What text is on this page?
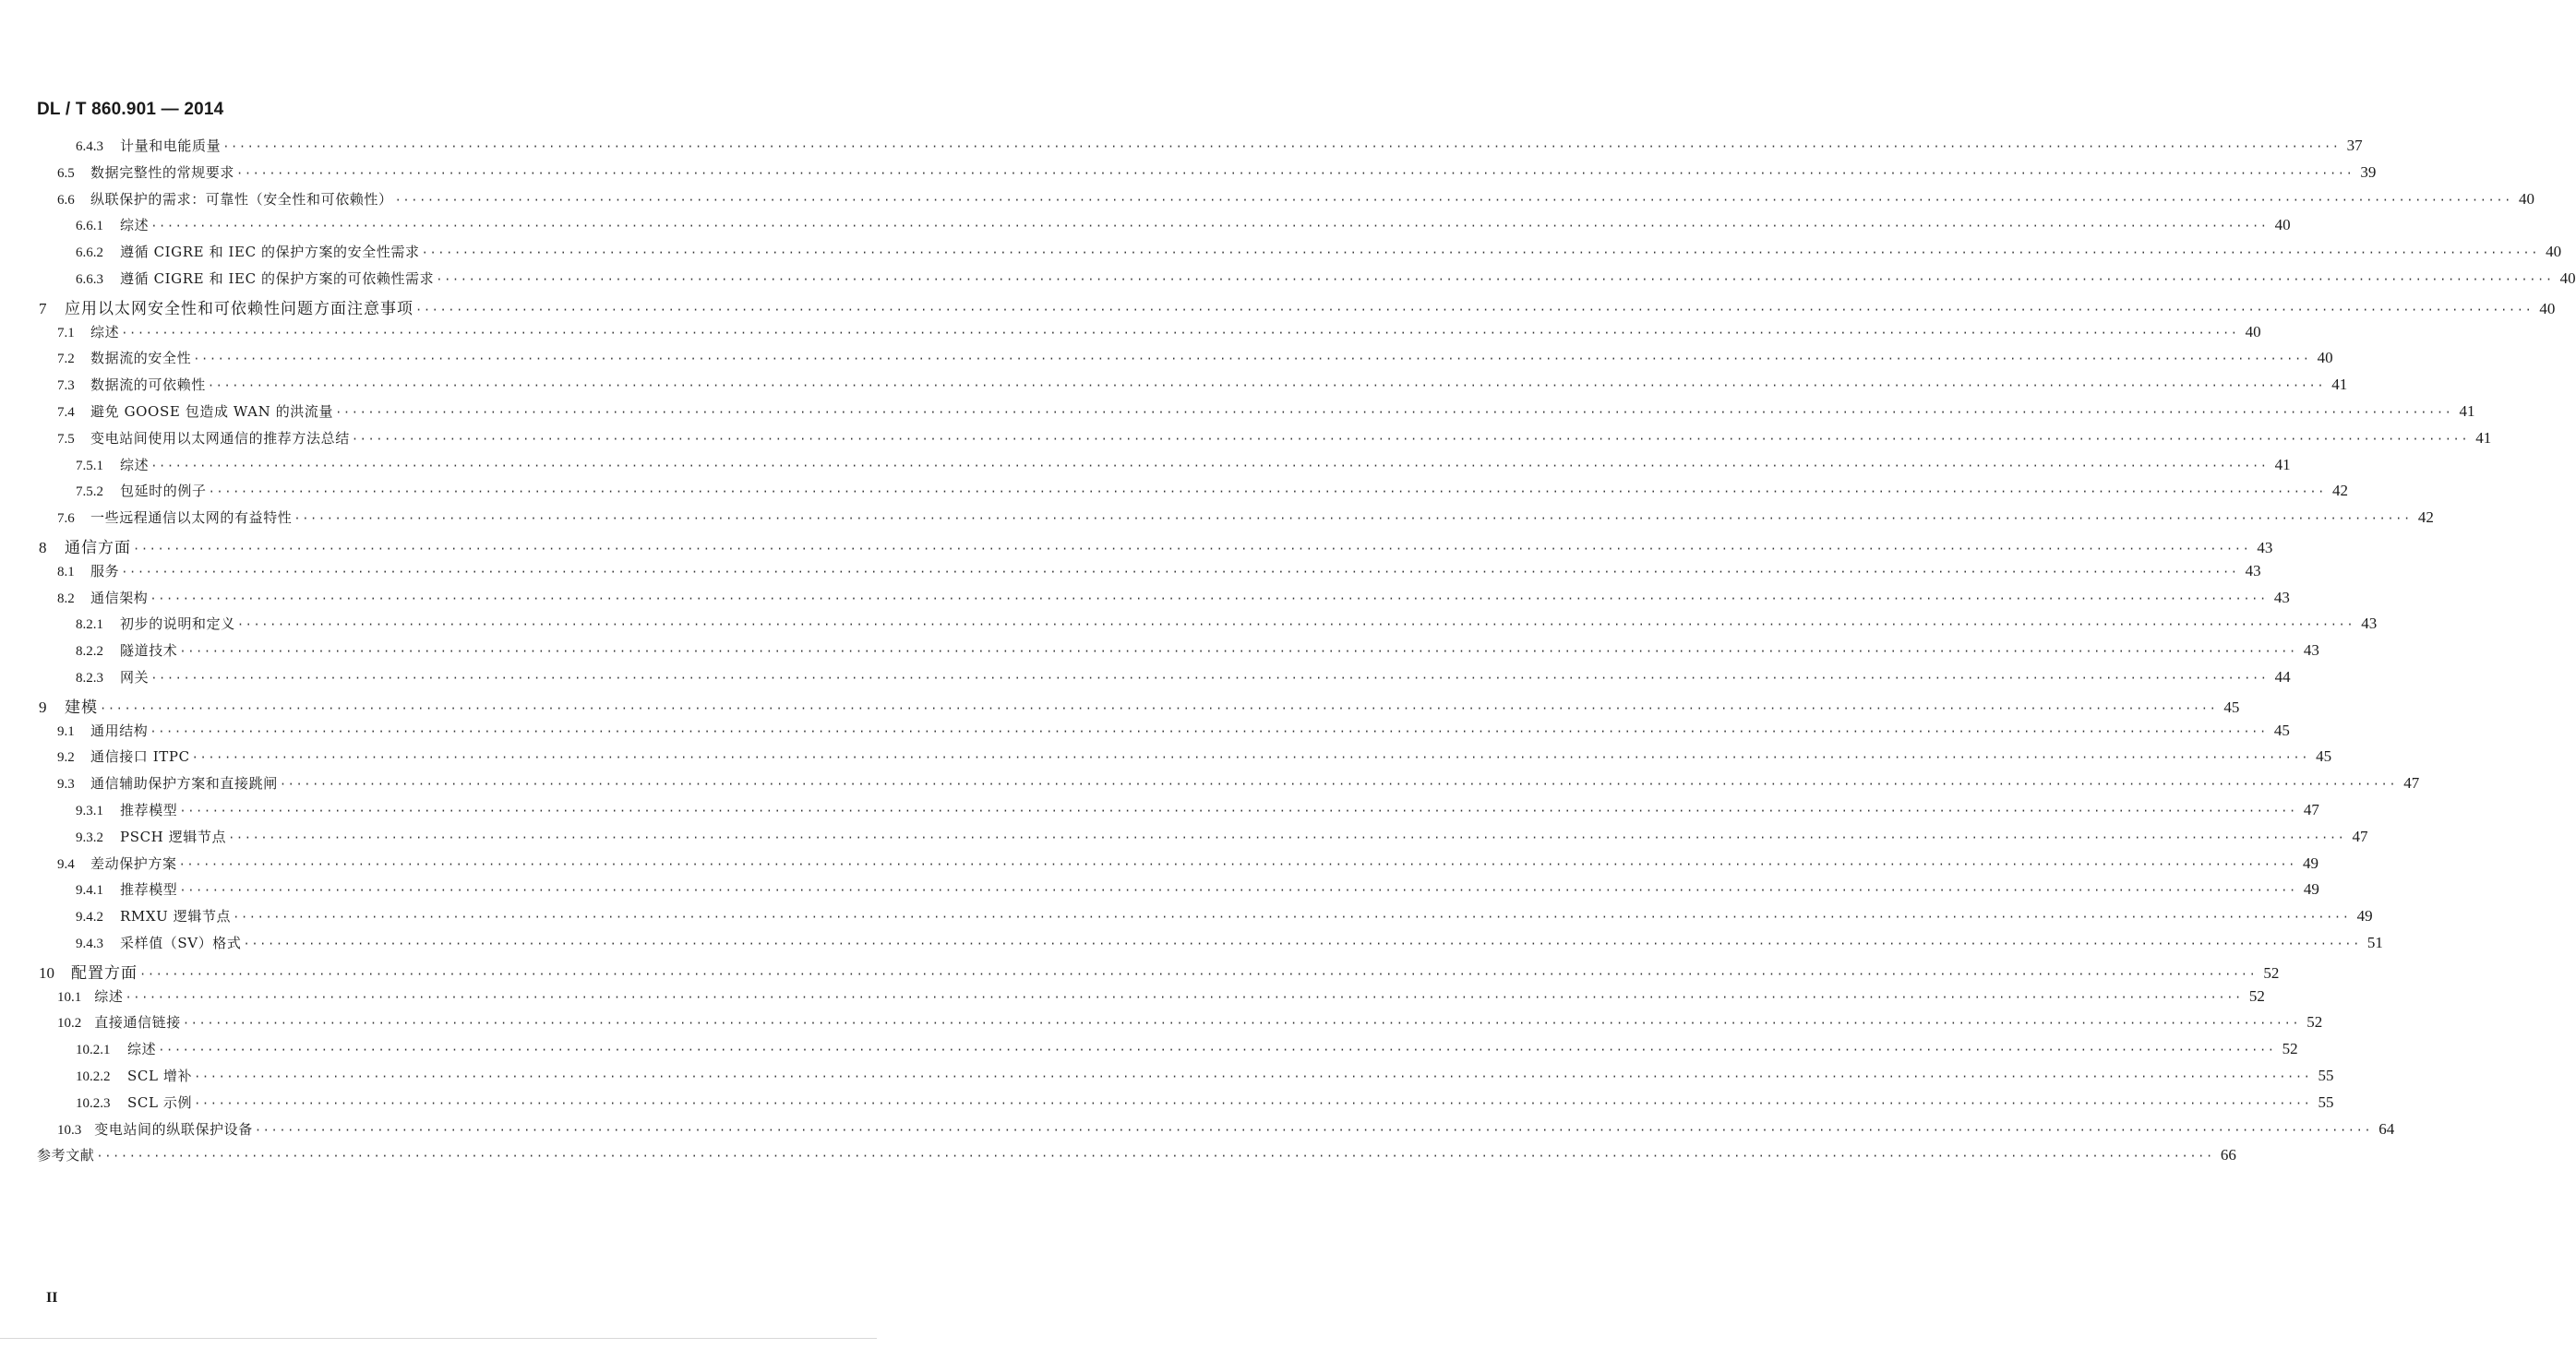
DL / T 860.901 — 2014
6.4.3 计量和电能质量 ···································································································································································································································································· 37
6.5 数据完整性的常规要求 ···································································································································································································································································· 39
6.6 纵联保护的需求：可靠性（安全性和可依赖性） ···································································································································································································································································· 40
6.6.1 综述 ···································································································································································································································································· 40
6.6.2 遵循 CIGRE 和 IEC 的保护方案的安全性需求 ···································································································································································································································································· 40
6.6.3 遵循 CIGRE 和 IEC 的保护方案的可依赖性需求 ···································································································································································································································································· 40
7 应用以太网安全性和可依赖性问题方面注意事项 ···································································································································································································································································· 40
7.1 综述 ···································································································································································································································································· 40
7.2 数据流的安全性 ···································································································································································································································································· 40
7.3 数据流的可依赖性 ···································································································································································································································································· 41
7.4 避免 GOOSE 包造成 WAN 的洪流量 ···································································································································································································································································· 41
7.5 变电站间使用以太网通信的推荐方法总结 ···································································································································································································································································· 41
7.5.1 综述 ···································································································································································································································································· 41
7.5.2 包延时的例子 ···································································································································································································································································· 42
7.6 一些远程通信以太网的有益特性 ···································································································································································································································································· 42
8 通信方面 ···································································································································································································································································· 43
8.1 服务 ···································································································································································································································································· 43
8.2 通信架构 ···································································································································································································································································· 43
8.2.1 初步的说明和定义 ···································································································································································································································································· 43
8.2.2 隧道技术 ···································································································································································································································································· 43
8.2.3 网关 ···································································································································································································································································· 44
9 建模 ···································································································································································································································································· 45
9.1 通用结构 ···································································································································································································································································· 45
9.2 通信接口 ITPC ···································································································································································································································································· 45
9.3 通信辅助保护方案和直接跳闸 ···································································································································································································································································· 47
9.3.1 推荐模型 ···································································································································································································································································· 47
9.3.2 PSCH 逻辑节点 ···································································································································································································································································· 47
9.4 差动保护方案 ···································································································································································································································································· 49
9.4.1 推荐模型 ···································································································································································································································································· 49
9.4.2 RMXU 逻辑节点 ···································································································································································································································································· 49
9.4.3 采样值（SV）格式 ···································································································································································································································································· 51
10 配置方面 ···································································································································································································································································· 52
10.1 综述 ···································································································································································································································································· 52
10.2 直接通信链接 ···································································································································································································································································· 52
10.2.1	综述 ···································································································································································································································································· 52
10.2.2	SCL 增补 ···································································································································································································································································· 55
10.2.3	SCL 示例 ···································································································································································································································································· 55
10.3 变电站间的纵联保护设备 ···································································································································································································································································· 64
参考文献 ···································································································································································································································································· 66
II
